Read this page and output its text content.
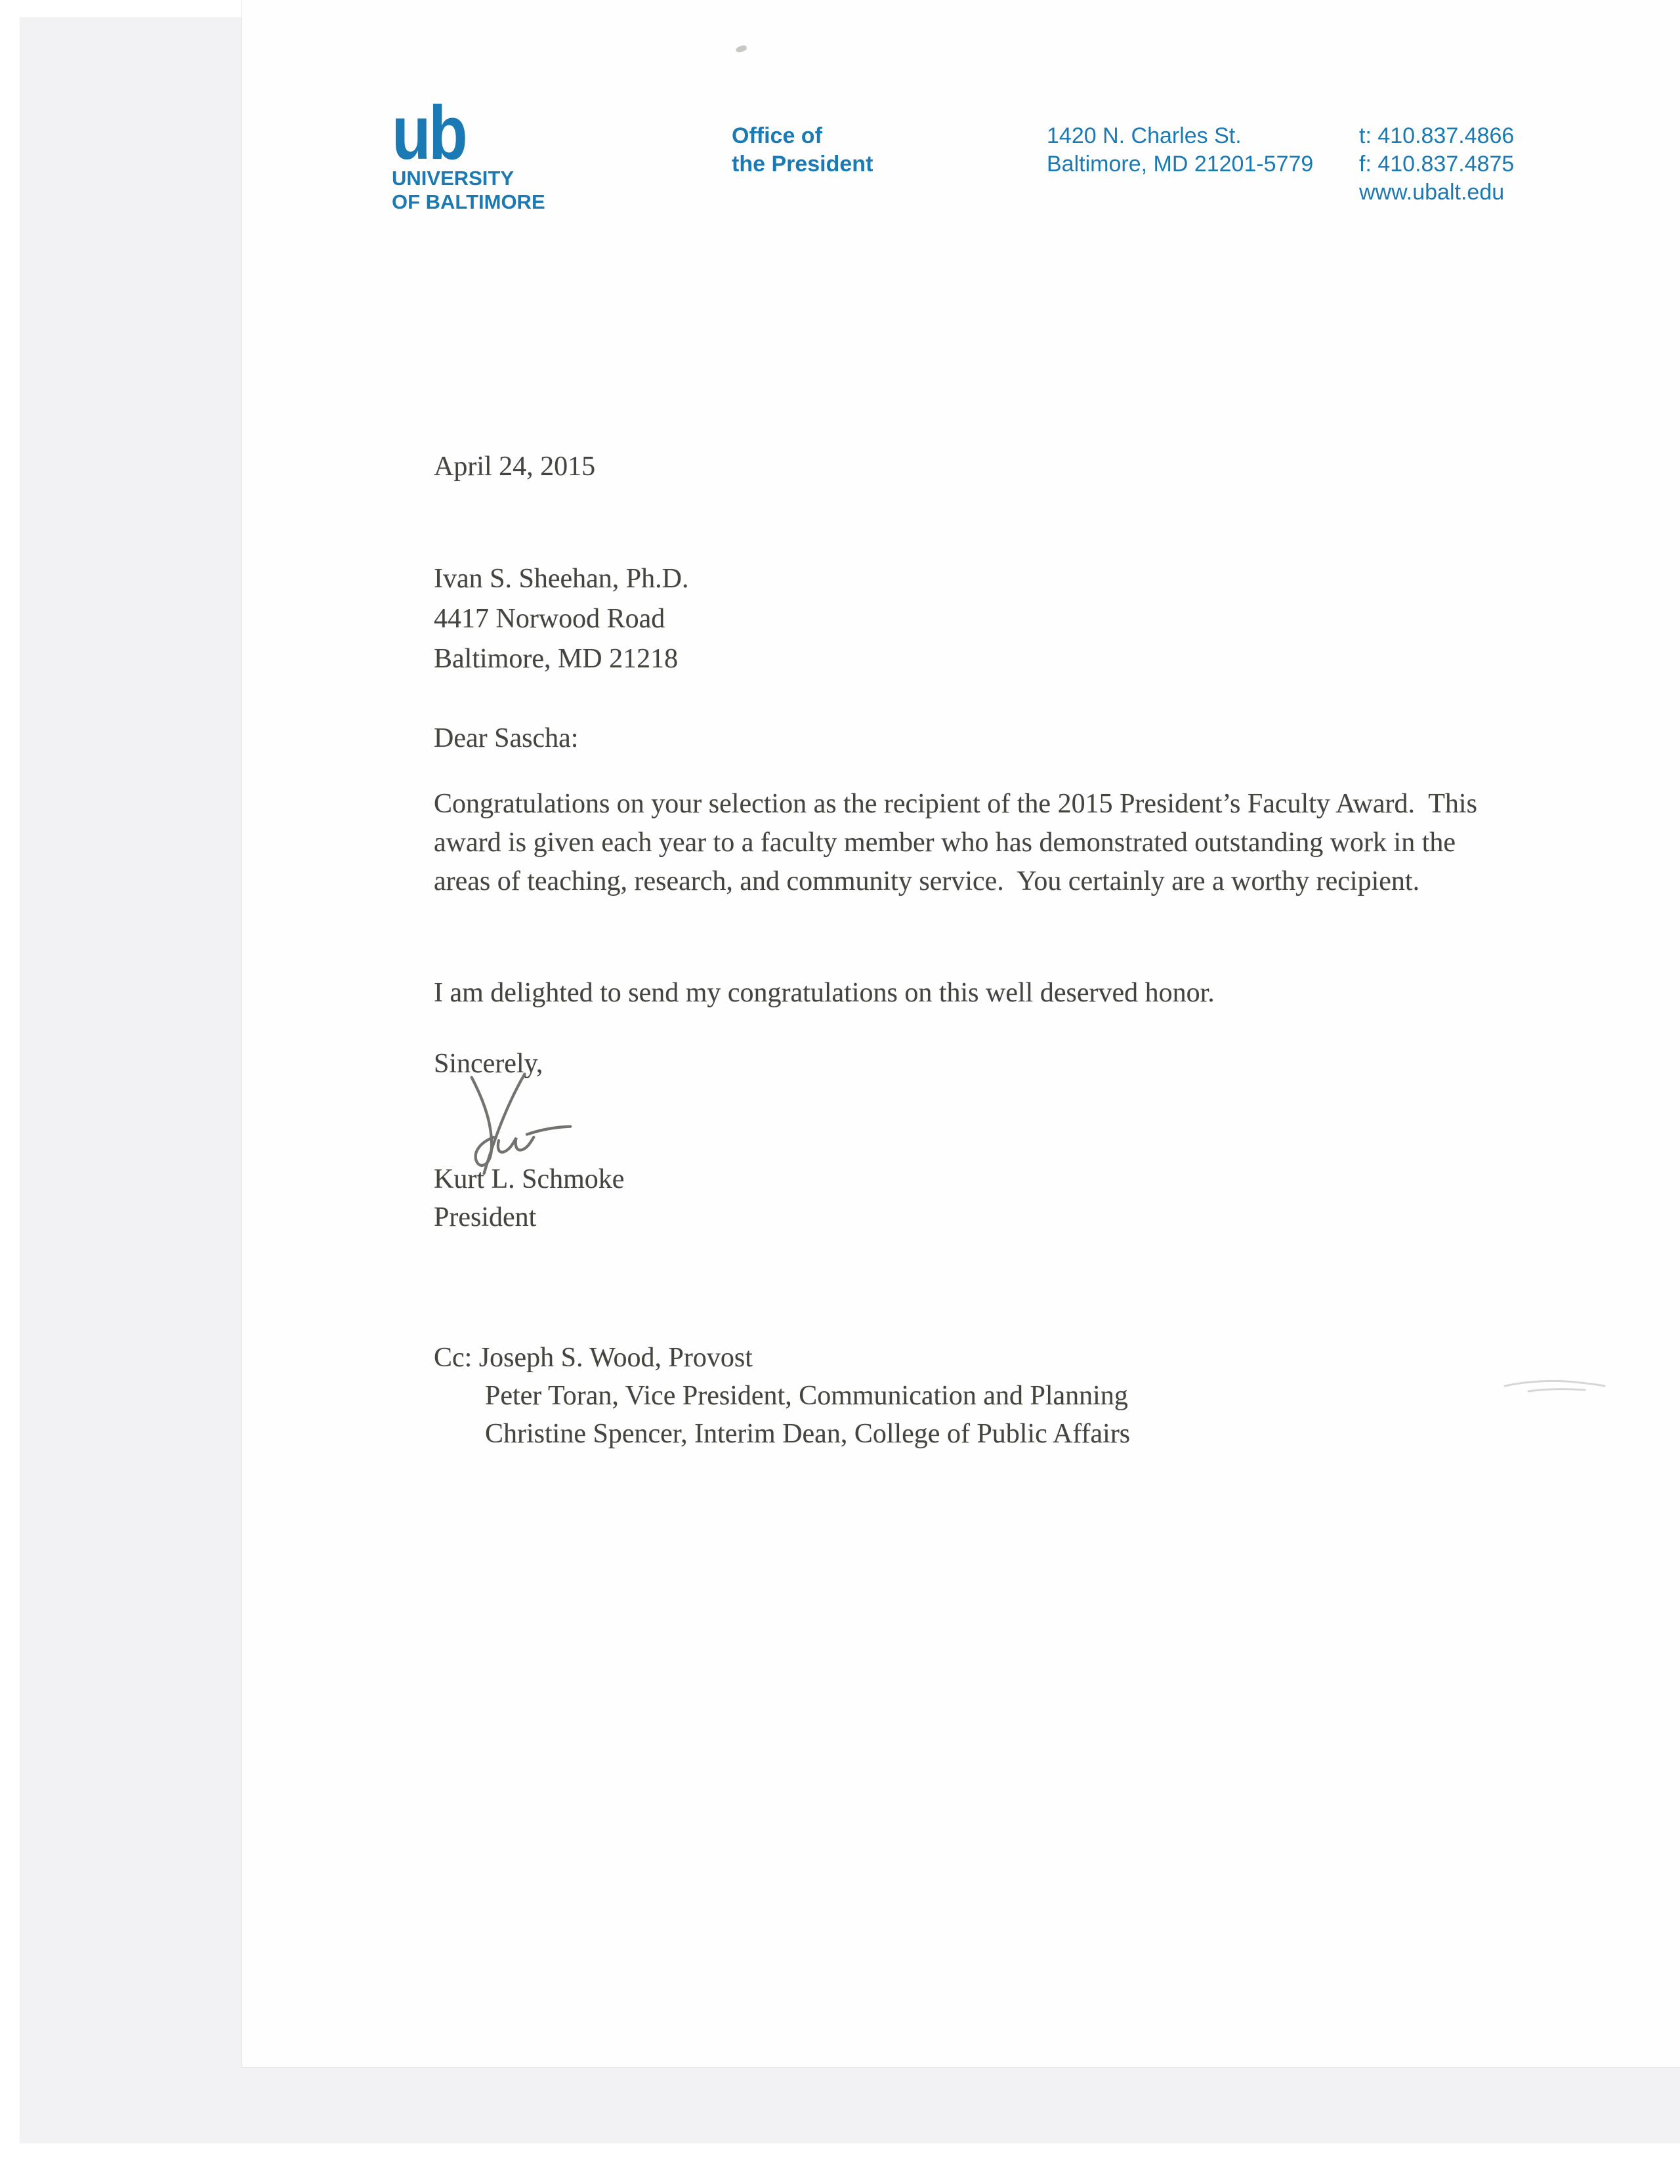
ub
UNIVERSITY
OF BALTIMORE
Office of
the President
1420 N. Charles St.
Baltimore, MD 21201-5779
t: 410.837.4866
f: 410.837.4875
www.ubalt.edu
April 24, 2015
Ivan S. Sheehan, Ph.D.
4417 Norwood Road
Baltimore, MD 21218
Dear Sascha:
Congratulations on your selection as the recipient of the 2015 President’s Faculty Award.  This award is given each year to a faculty member who has demonstrated outstanding work in the areas of teaching, research, and community service.  You certainly are a worthy recipient.
I am delighted to send my congratulations on this well deserved honor.
Sincerely,
Kurt L. Schmoke
President
Cc: Joseph S. Wood, Provost
Peter Toran, Vice President, Communication and Planning
Christine Spencer, Interim Dean, College of Public Affairs
